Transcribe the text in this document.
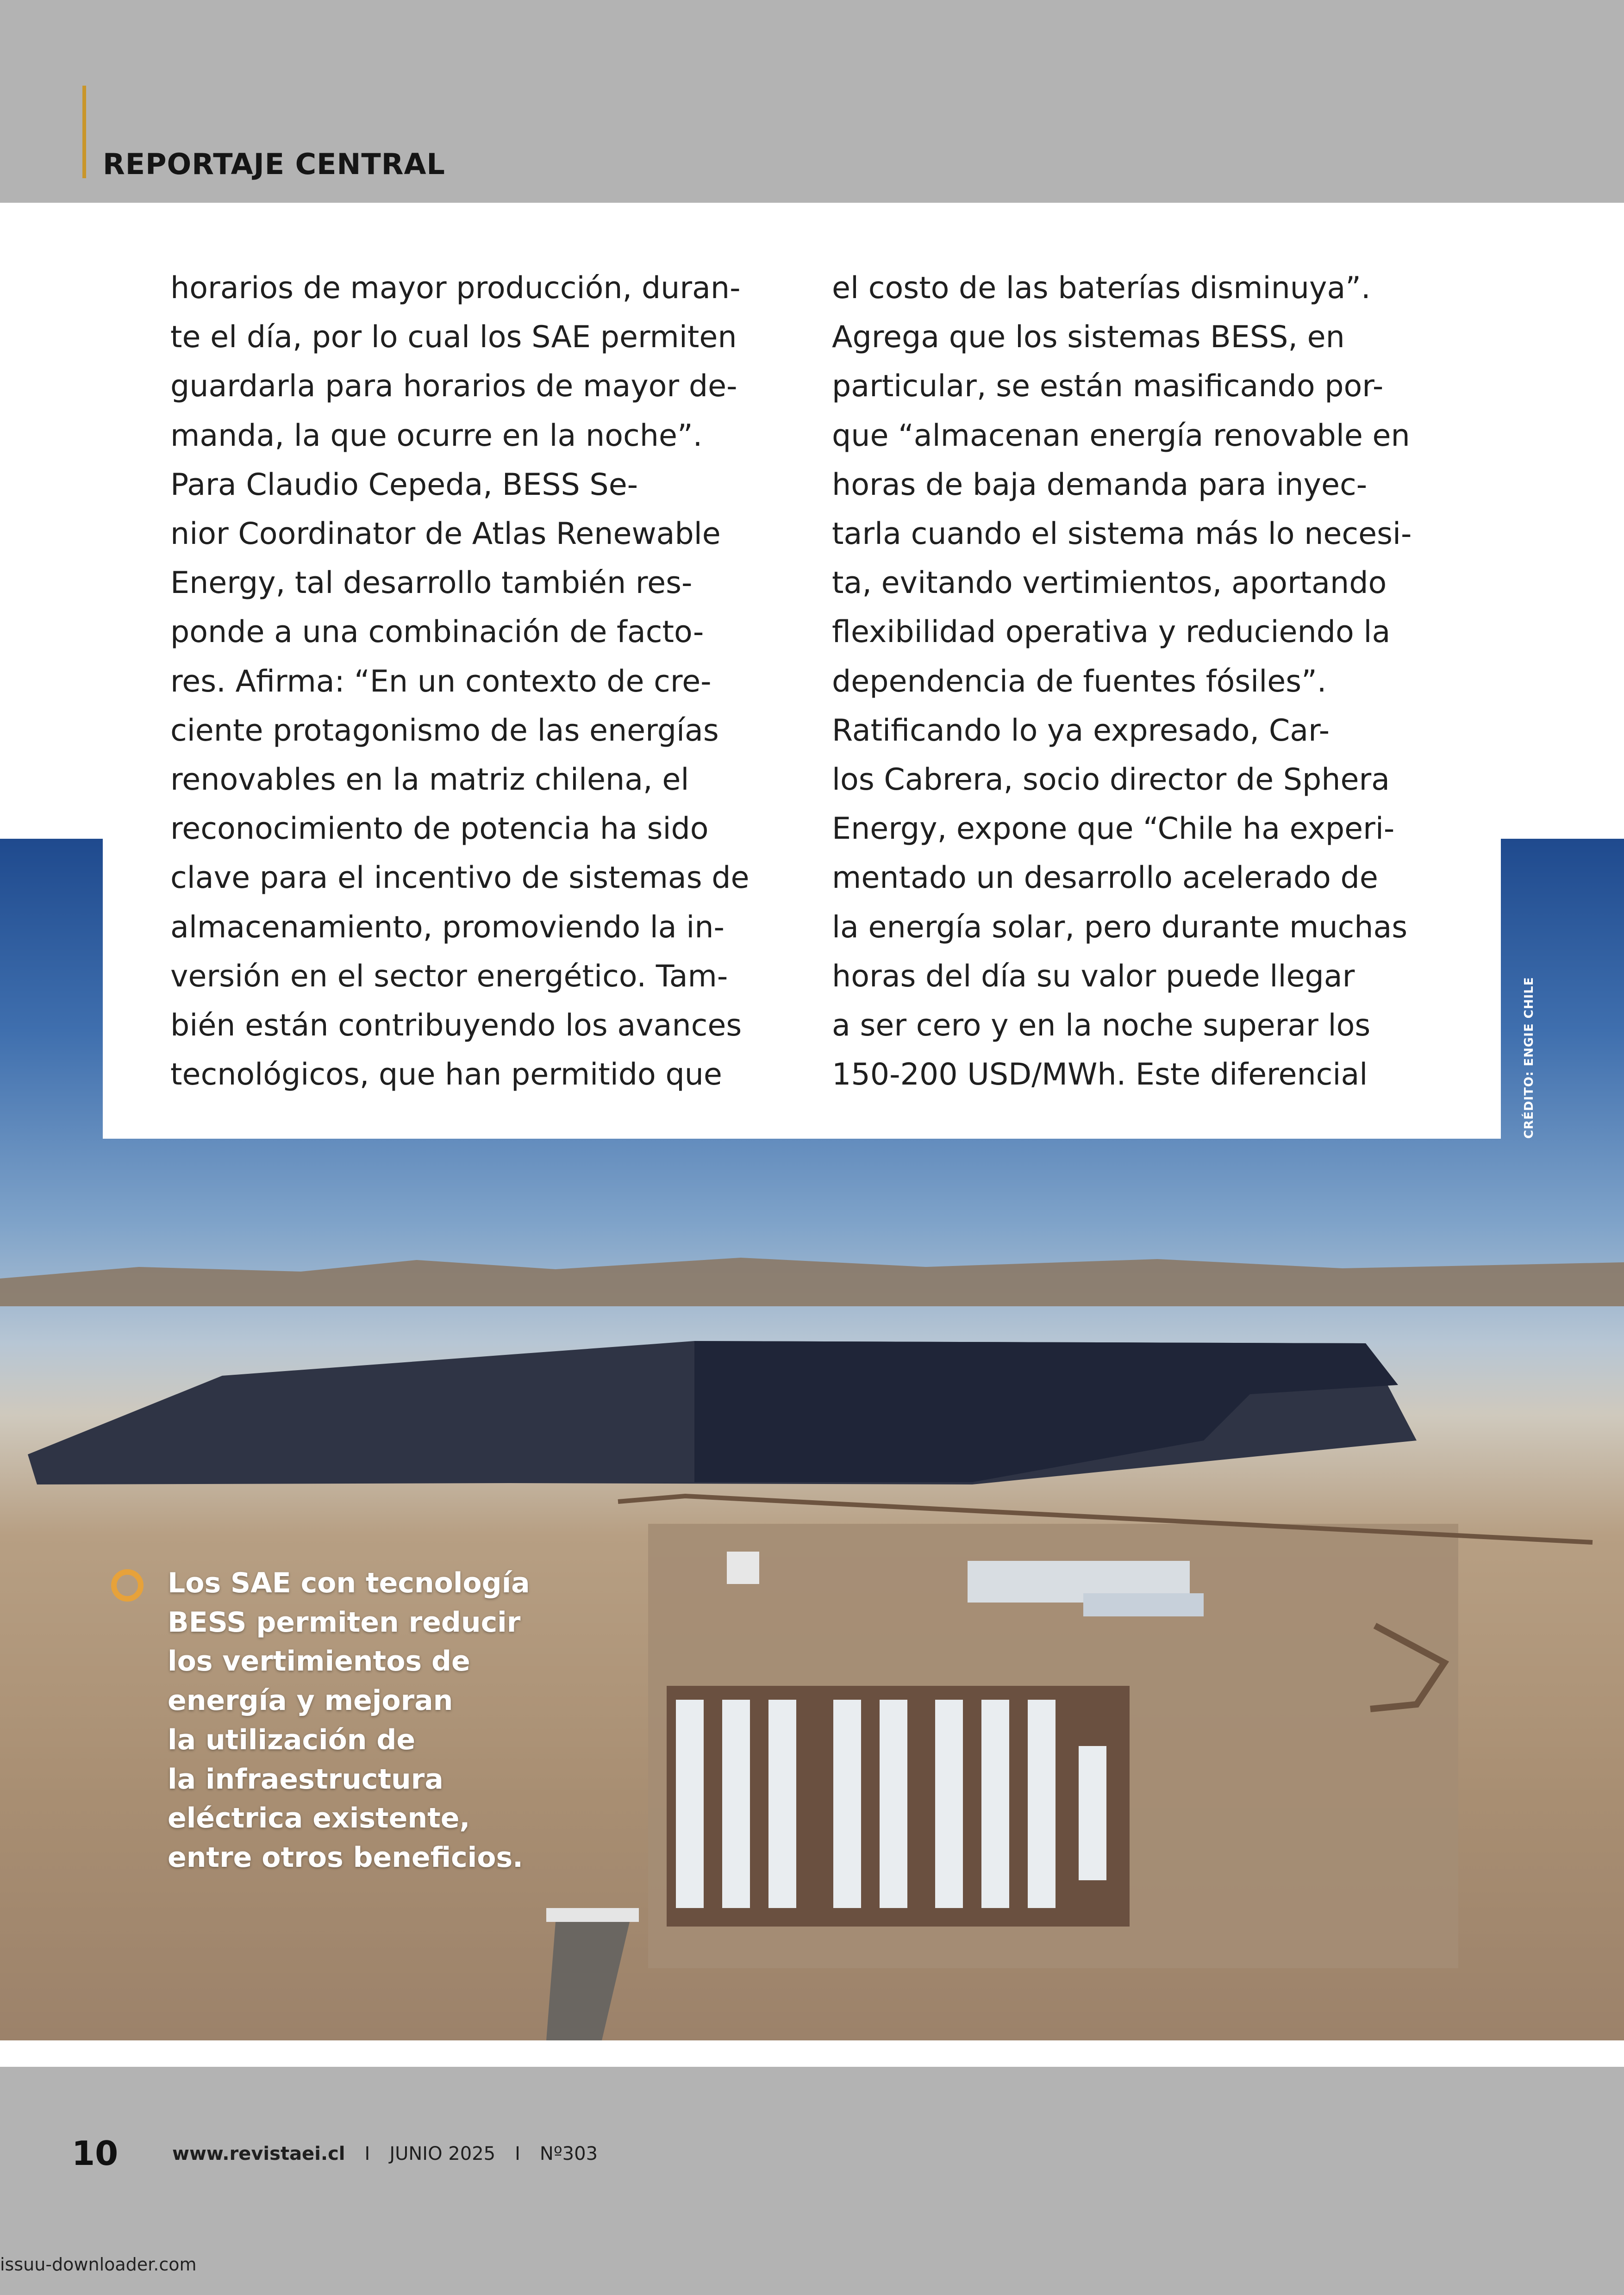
REPORTAJE CENTRAL

horarios de mayor producción, duran-
te el día, por lo cual los SAE permiten
guardarla para horarios de mayor de-
manda, la que ocurre en la noche”.

Para Claudio Cepeda, BESS Se-
nior Coordinator de Atlas Renewable
Energy, tal desarrollo también res-
ponde a una combinación de facto-
res. Afirma: “En un contexto de cre-
ciente protagonismo de las energías
renovables en la matriz chilena, el
reconocimiento de potencia ha sido
clave para el incentivo de sistemas de
almacenamiento, promoviendo la in-
versión en el sector energético. Tam-
bién están contribuyendo los avances
tecnológicos, que han permitido que

el costo de las baterías disminuya”.

Agrega que los sistemas BESS, en
particular, se están masificando por-
que “almacenan energía renovable en
horas de baja demanda para inyec-
tarla cuando el sistema más lo necesi-
ta, evitando vertimientos, aportando
flexibilidad operativa y reduciendo la
dependencia de fuentes fósiles”.

Ratificando lo ya expresado, Car-
los Cabrera, socio director de Sphera
Energy, expone que “Chile ha experi-
mentado un desarrollo acelerado de
la energía solar, pero durante muchas
horas del día su valor puede llegar
a ser cero y en la noche superar los
150-200 USD/MWh. Este diferencial	CRÉDITO: ENGIE CHILE
Los SAE con tecnología
BESS permiten reducir
los vertimientos de
energía y mejoran
la utilización de
la infraestructura
eléctrica existente,
entre otros beneficios.
10	www.revistaei.cl I JUNIO 2025 I Nº303
issuu-downloader.com
